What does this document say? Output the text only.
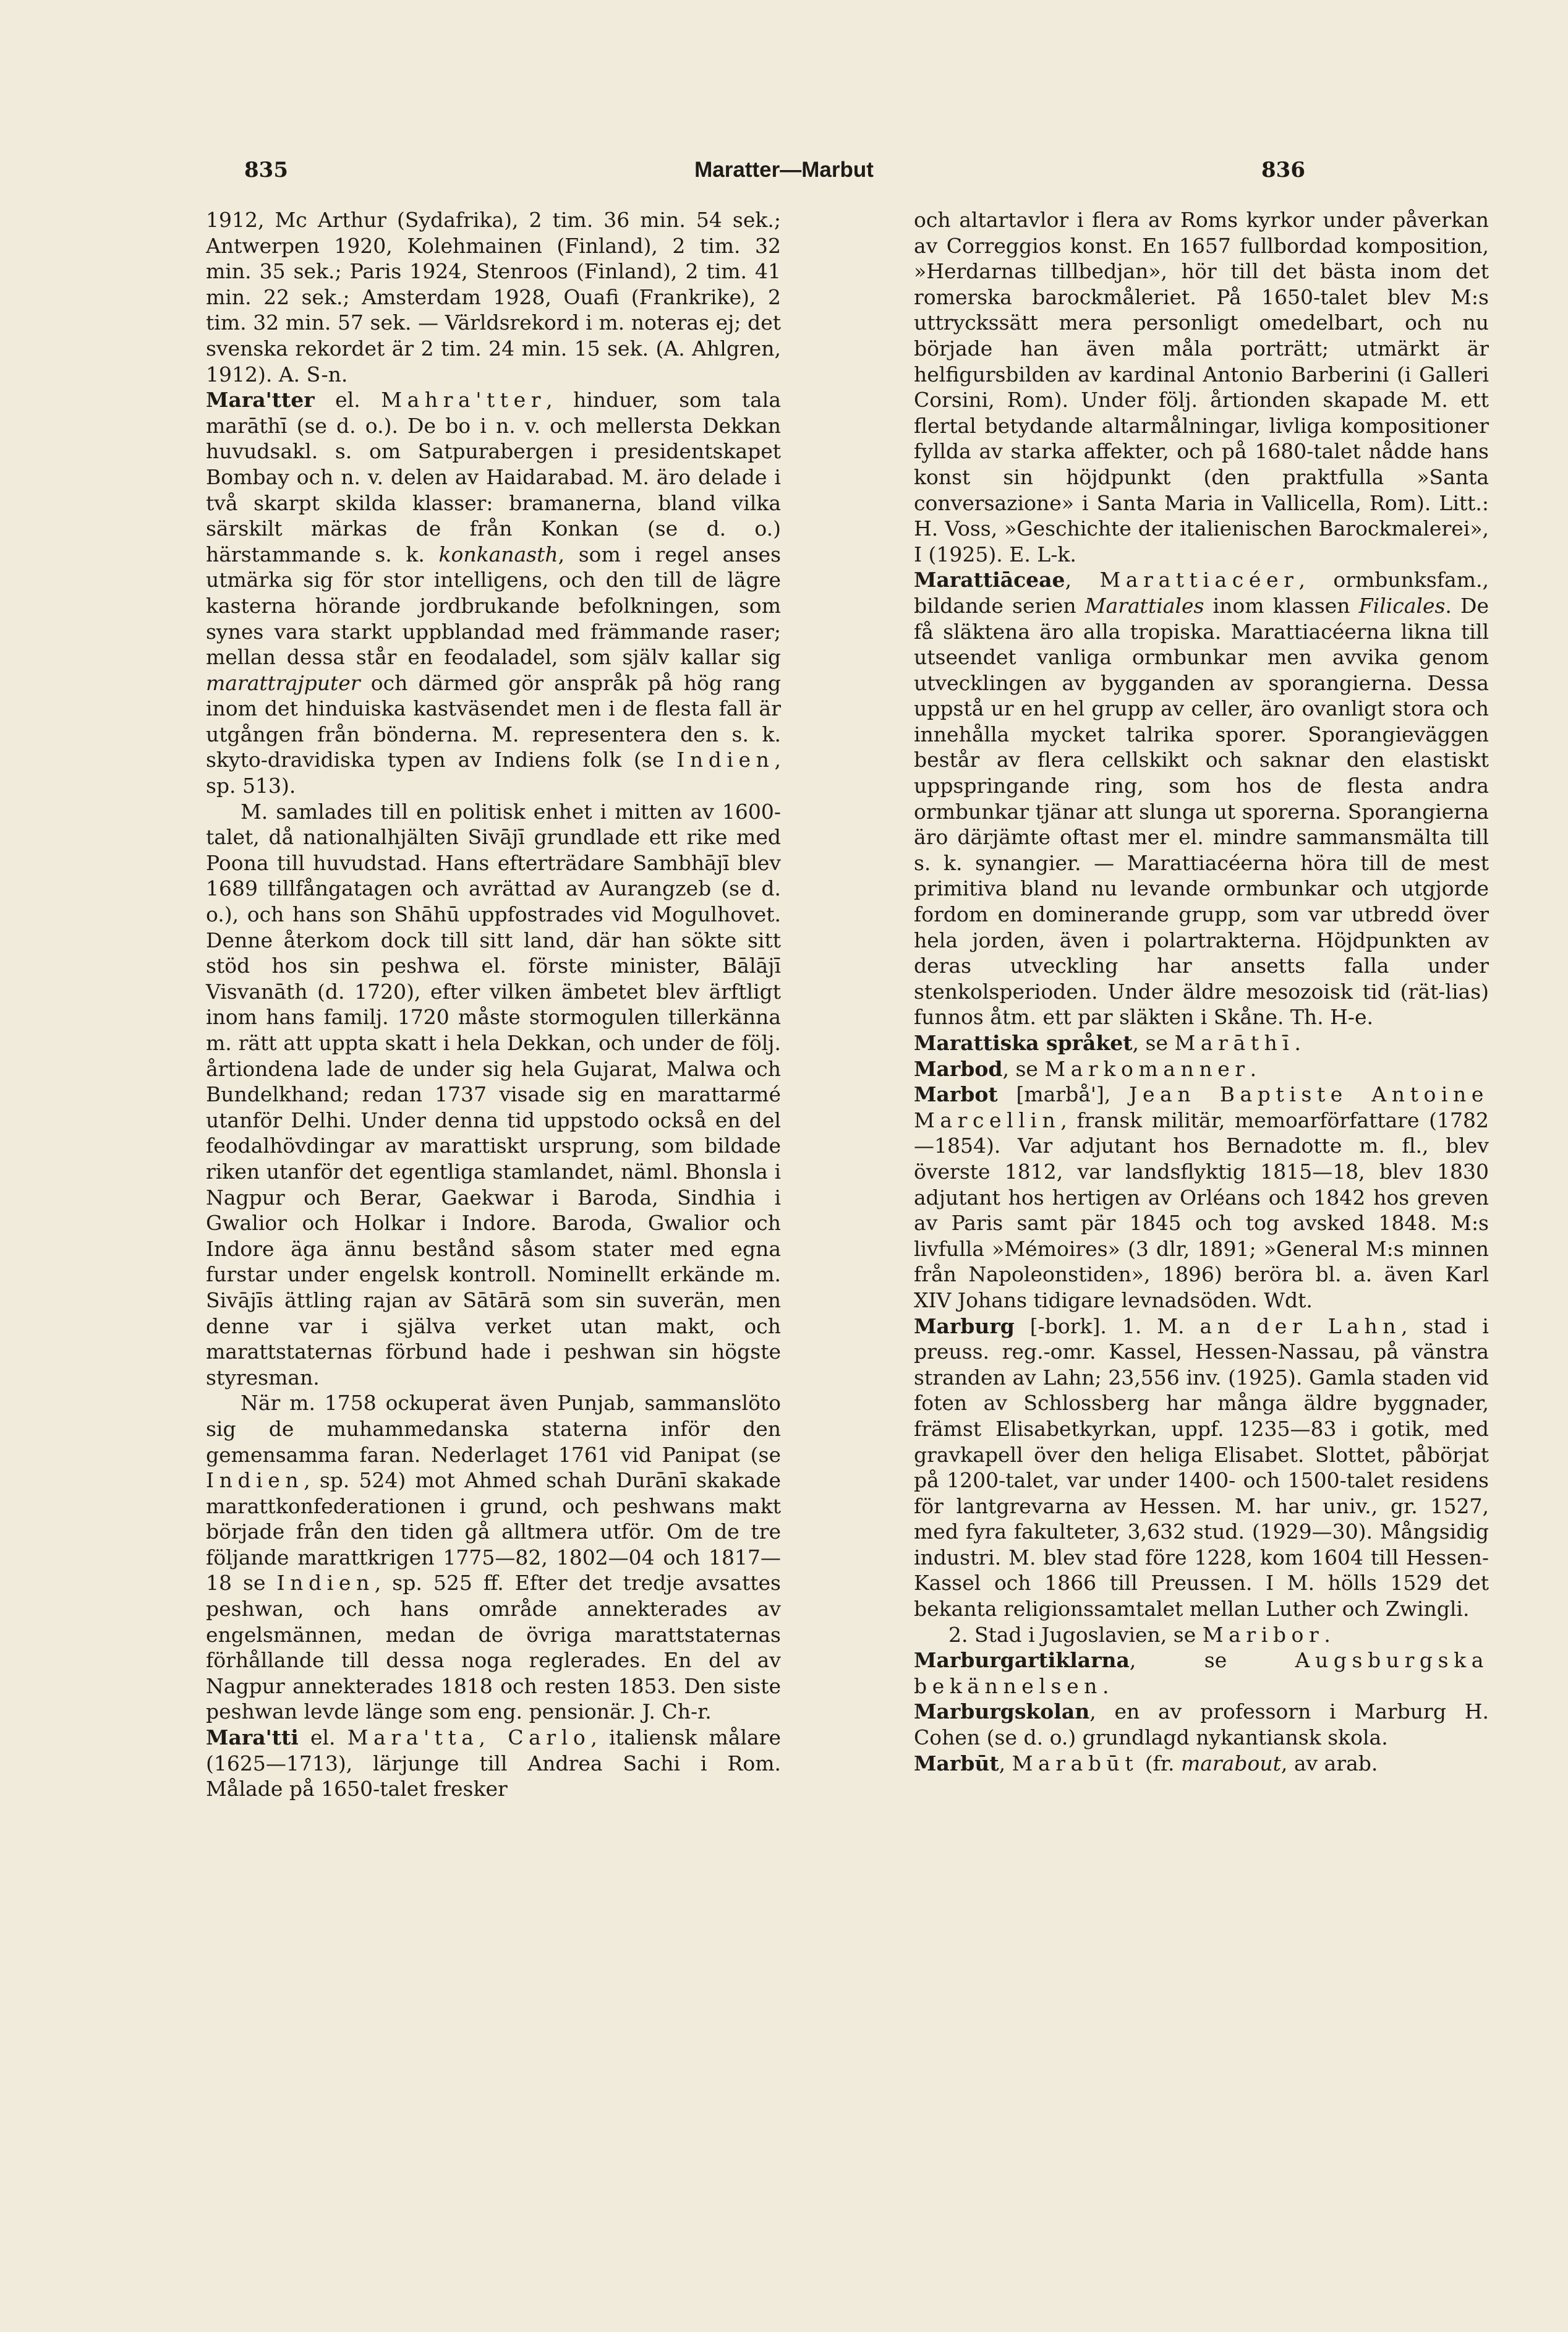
835	Maratter—Marbut	836

1912, Mc Arthur (Sydafrika), 2 tim. 36 min. 54 sek.; Antwerpen 1920, Kolehmainen (Finland), 2 tim. 32 min. 35 sek.; Paris 1924, Stenroos (Finland), 2 tim. 41 min. 22 sek.; Amsterdam 1928, Ouafi (Frankrike), 2 tim. 32 min. 57 sek. — Världsrekord i m. noteras ej; det svenska rekordet är 2 tim. 24 min. 15 sek. (A. Ahlgren, 1912). A. S-n.

Mara'tter el. Mahra'tter, hinduer, som tala marāthī (se d. o.). De bo i n. v. och mellersta Dekkan huvudsakl. s. om Satpurabergen i presidentskapet Bombay och n. v. delen av Haidarabad. M. äro delade i två skarpt skilda klasser: bramanerna, bland vilka särskilt märkas de från Konkan (se d. o.) härstammande s. k. konkanasth, som i regel anses utmärka sig för stor intelligens, och den till de lägre kasterna hörande jordbrukande befolkningen, som synes vara starkt uppblandad med främmande raser; mellan dessa står en feodaladel, som själv kallar sig marattrajputer och därmed gör anspråk på hög rang inom det hinduiska kastväsendet men i de flesta fall är utgången från bönderna. M. representera den s. k. skyto-dravidiska typen av Indiens folk (se Indien, sp. 513).

M. samlades till en politisk enhet i mitten av 1600-talet, då nationalhjälten Sivājī grundlade ett rike med Poona till huvudstad. Hans efterträdare Sambhājī blev 1689 tillfångatagen och avrättad av Aurangzeb (se d. o.), och hans son Shāhū uppfostrades vid Mogulhovet. Denne återkom dock till sitt land, där han sökte sitt stöd hos sin peshwa el. förste minister, Bālājī Visvanāth (d. 1720), efter vilken ämbetet blev ärftligt inom hans familj. 1720 måste stormogulen tillerkänna m. rätt att uppta skatt i hela Dekkan, och under de följ. årtiondena lade de under sig hela Gujarat, Malwa och Bundelkhand; redan 1737 visade sig en marattarmé utanför Delhi. Under denna tid uppstodo också en del feodalhövdingar av marattiskt ursprung, som bildade riken utanför det egentliga stamlandet, näml. Bhonsla i Nagpur och Berar, Gaekwar i Baroda, Sindhia i Gwalior och Holkar i Indore. Baroda, Gwalior och Indore äga ännu bestånd såsom stater med egna furstar under engelsk kontroll. Nominellt erkände m. Sivājīs ättling rajan av Sātārā som sin suverän, men denne var i själva verket utan makt, och marattstaternas förbund hade i peshwan sin högste styresman.

När m. 1758 ockuperat även Punjab, sammanslöto sig de muhammedanska staterna inför den gemensamma faran. Nederlaget 1761 vid Panipat (se Indien, sp. 524) mot Ahmed schah Durānī skakade marattkonfederationen i grund, och peshwans makt började från den tiden gå alltmera utför. Om de tre följande marattkrigen 1775—82, 1802—04 och 1817—18 se Indien, sp. 525 ff. Efter det tredje avsattes peshwan, och hans område annekterades av engelsmännen, medan de övriga marattstaternas förhållande till dessa noga reglerades. En del av Nagpur annekterades 1818 och resten 1853. Den siste peshwan levde länge som eng. pensionär. J. Ch-r.

Mara'tti el. Mara'tta, Carlo, italiensk målare (1625—1713), lärjunge till Andrea Sachi i Rom. Målade på 1650-talet fresker

och altartavlor i flera av Roms kyrkor under påverkan av Correggios konst. En 1657 fullbordad komposition, »Herdarnas tillbedjan», hör till det bästa inom det romerska barockmåleriet. På 1650-talet blev M:s uttryckssätt mera personligt omedelbart, och nu började han även måla porträtt; utmärkt är helfigursbilden av kardinal Antonio Barberini (i Galleri Corsini, Rom). Under följ. årtionden skapade M. ett flertal betydande altarmålningar, livliga kompositioner fyllda av starka affekter, och på 1680-talet nådde hans konst sin höjdpunkt (den praktfulla »Santa conversazione» i Santa Maria in Vallicella, Rom). Litt.: H. Voss, »Geschichte der italienischen Barockmalerei», I (1925). E. L-k.

Marattiāceae, Marattiacéer, ormbunksfam., bildande serien Marattiales inom klassen Filicales. De få släktena äro alla tropiska. Marattiacéerna likna till utseendet vanliga ormbunkar men avvika genom utvecklingen av bygganden av sporangierna. Dessa uppstå ur en hel grupp av celler, äro ovanligt stora och innehålla mycket talrika sporer. Sporangieväggen består av flera cellskikt och saknar den elastiskt uppspringande ring, som hos de flesta andra ormbunkar tjänar att slunga ut sporerna. Sporangierna äro därjämte oftast mer el. mindre sammansmälta till s. k. synangier. — Marattiacéerna höra till de mest primitiva bland nu levande ormbunkar och utgjorde fordom en dominerande grupp, som var utbredd över hela jorden, även i polartrakterna. Höjdpunkten av deras utveckling har ansetts falla under stenkolsperioden. Under äldre mesozoisk tid (rät-lias) funnos åtm. ett par släkten i Skåne. Th. H-e.

Marattiska språket, se Marāthī.

Marbod, se Markomanner.

Marbot [marbå'], Jean Baptiste Antoine Marcellin, fransk militär, memoarförfattare (1782—1854). Var adjutant hos Bernadotte m. fl., blev överste 1812, var landsflyktig 1815—18, blev 1830 adjutant hos hertigen av Orléans och 1842 hos greven av Paris samt pär 1845 och tog avsked 1848. M:s livfulla »Mémoires» (3 dlr, 1891; »General M:s minnen från Napoleonstiden», 1896) beröra bl. a. även Karl XIV Johans tidigare levnadsöden. Wdt.

Marburg [-bork]. 1. M. an der Lahn, stad i preuss. reg.-omr. Kassel, Hessen-Nassau, på vänstra stranden av Lahn; 23,556 inv. (1925). Gamla staden vid foten av Schlossberg har många äldre byggnader, främst Elisabetkyrkan, uppf. 1235—83 i gotik, med gravkapell över den heliga Elisabet. Slottet, påbörjat på 1200-talet, var under 1400- och 1500-talet residens för lantgrevarna av Hessen. M. har univ., gr. 1527, med fyra fakulteter, 3,632 stud. (1929—30). Mångsidig industri. M. blev stad före 1228, kom 1604 till Hessen-Kassel och 1866 till Preussen. I M. hölls 1529 det bekanta religionssamtalet mellan Luther och Zwingli.

2. Stad i Jugoslavien, se Maribor.

Marburgartiklarna, se Augsburgska bekännelsen.

Marburgskolan, en av professorn i Marburg H. Cohen (se d. o.) grundlagd nykantiansk skola.

Marbūt, Marabūt (fr. marabout, av arab.
